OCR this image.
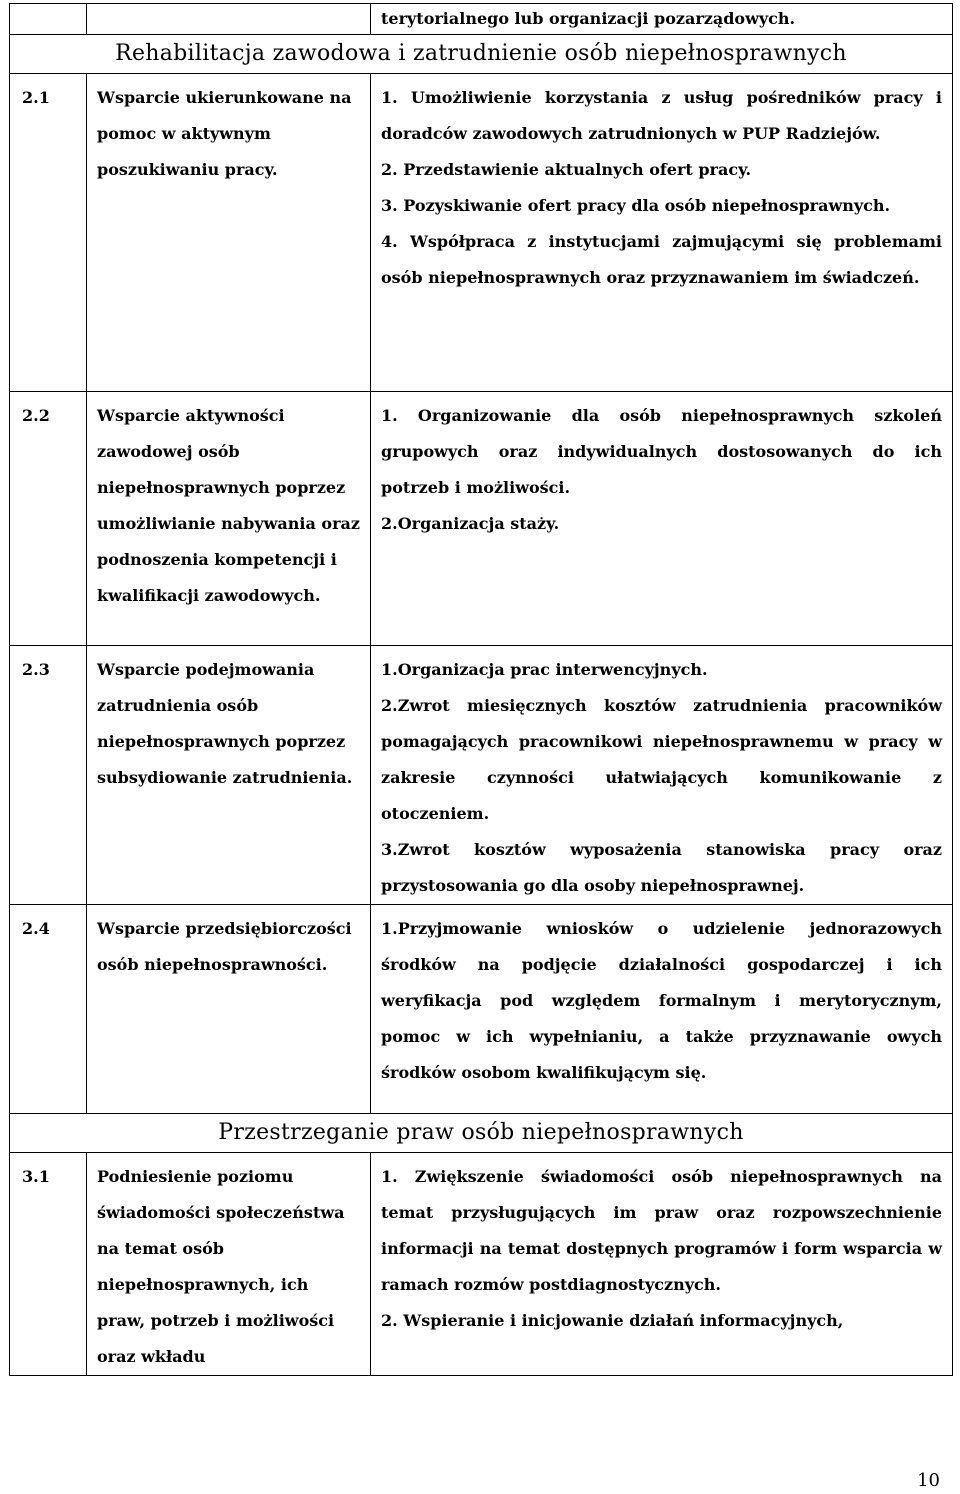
		terytorialnego lub organizacji pozarządowych.

Rehabilitacja zawodowa i zatrudnienie osób niepełnosprawnych		

2.1	Wsparcie ukierunkowane na pomoc w aktywnym poszukiwaniu pracy.	1. Umożliwienie korzystania z usług pośredników pracy i doradców zawodowych zatrudnionych w PUP Radziejów.
2. Przedstawienie aktualnych ofert pracy.
3. Pozyskiwanie ofert pracy dla osób niepełnosprawnych.
4. Współpraca z instytucjami zajmującymi się problemami osób niepełnosprawnych oraz przyznawaniem im świadczeń.

2.2	Wsparcie aktywności zawodowej osób niepełnosprawnych poprzez umożliwianie nabywania oraz podnoszenia kompetencji i kwalifikacji zawodowych.	1. Organizowanie dla osób niepełnosprawnych szkoleń grupowych oraz indywidualnych dostosowanych do ich potrzeb i możliwości.
2.Organizacja staży.

2.3	Wsparcie podejmowania zatrudnienia osób niepełnosprawnych poprzez subsydiowanie zatrudnienia.	1.Organizacja prac interwencyjnych.
2.Zwrot miesięcznych kosztów zatrudnienia pracowników pomagających pracownikowi niepełnosprawnemu w pracy w zakresie czynności ułatwiających komunikowanie z otoczeniem.
3.Zwrot kosztów wyposażenia stanowiska pracy oraz przystosowania go dla osoby niepełnosprawnej.

2.4	Wsparcie przedsiębiorczości osób niepełnosprawności.	1.Przyjmowanie wniosków o udzielenie jednorazowych środków na podjęcie działalności gospodarczej i ich weryfikacja pod względem formalnym i merytorycznym, pomoc w ich wypełnianiu, a także przyznawanie owych środków osobom kwalifikującym się.

Przestrzeganie praw osób niepełnosprawnych		

3.1	Podniesienie poziomu świadomości społeczeństwa na temat osób niepełnosprawnych, ich praw, potrzeb i możliwości oraz wkładu	1. Zwiększenie świadomości osób niepełnosprawnych na temat przysługujących im praw oraz rozpowszechnienie informacji na temat dostępnych programów i form wsparcia w ramach rozmów postdiagnostycznych.
2. Wspieranie i inicjowanie działań informacyjnych,
10
